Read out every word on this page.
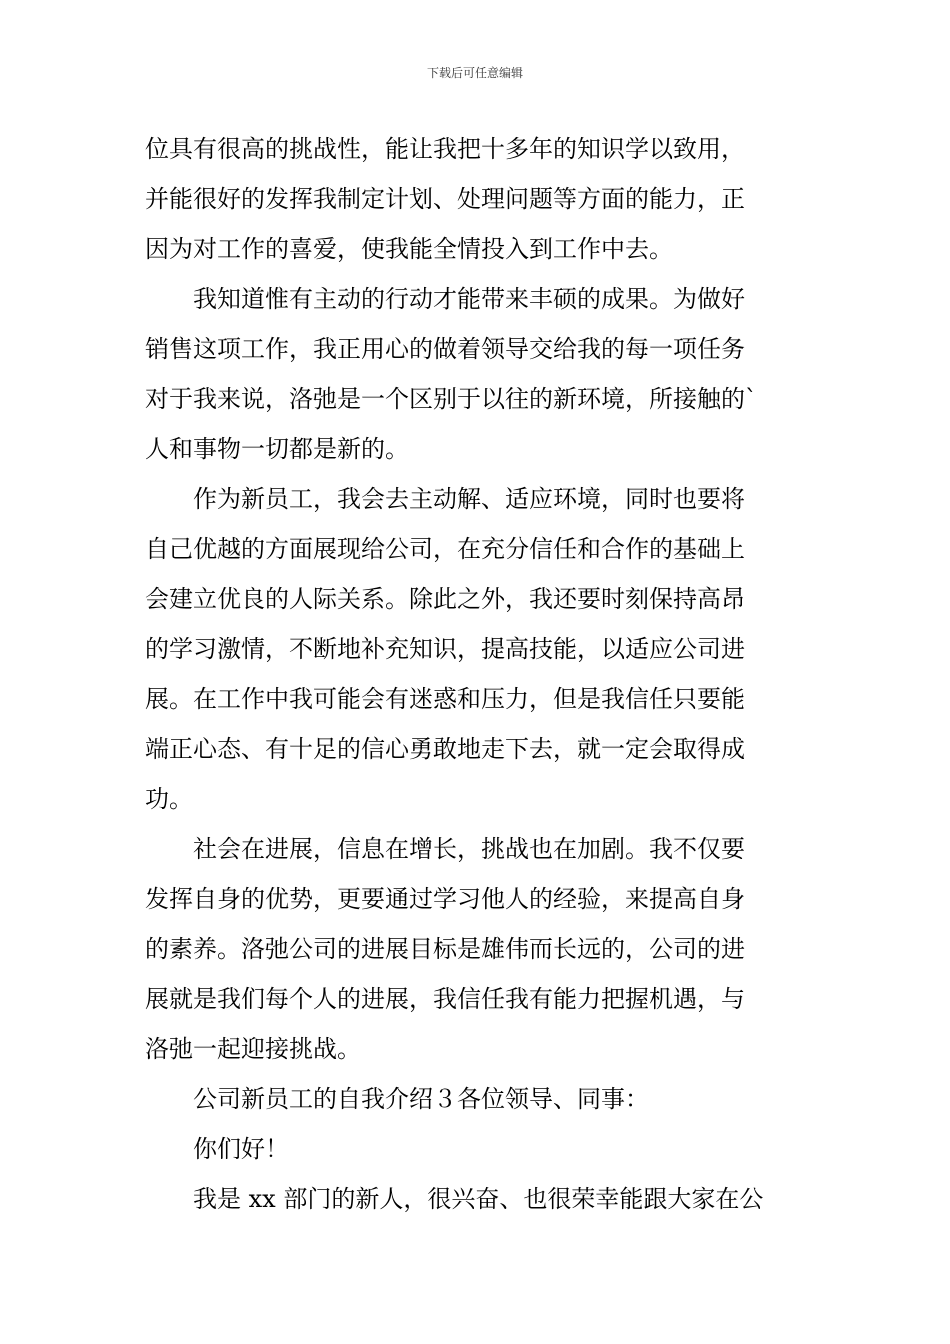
下载后可任意编辑
位具有很高的挑战性，能让我把十多年的知识学以致用，
并能很好的发挥我制定计划、处理问题等方面的能力，正
因为对工作的喜爱，使我能全情投入到工作中去。
我知道惟有主动的行动才能带来丰硕的成果。为做好
销售这项工作，我正用心的做着领导交给我的每一项任务
对于我来说，洛弛是一个区别于以往的新环境，所接触的`
人和事物一切都是新的。
作为新员工，我会去主动解、适应环境，同时也要将
自己优越的方面展现给公司，在充分信任和合作的基础上
会建立优良的人际关系。除此之外，我还要时刻保持高昂
的学习激情，不断地补充知识，提高技能，以适应公司进
展。在工作中我可能会有迷惑和压力，但是我信任只要能
端正心态、有十足的信心勇敢地走下去，就一定会取得成
功。
社会在进展，信息在增长，挑战也在加剧。我不仅要
发挥自身的优势，更要通过学习他人的经验，来提高自身
的素养。洛弛公司的进展目标是雄伟而长远的，公司的进
展就是我们每个人的进展，我信任我有能力把握机遇，与
洛弛一起迎接挑战。
公司新员工的自我介绍３各位领导、同事：
你们好！
我是 xx 部门的新人，很兴奋、也很荣幸能跟大家在公
